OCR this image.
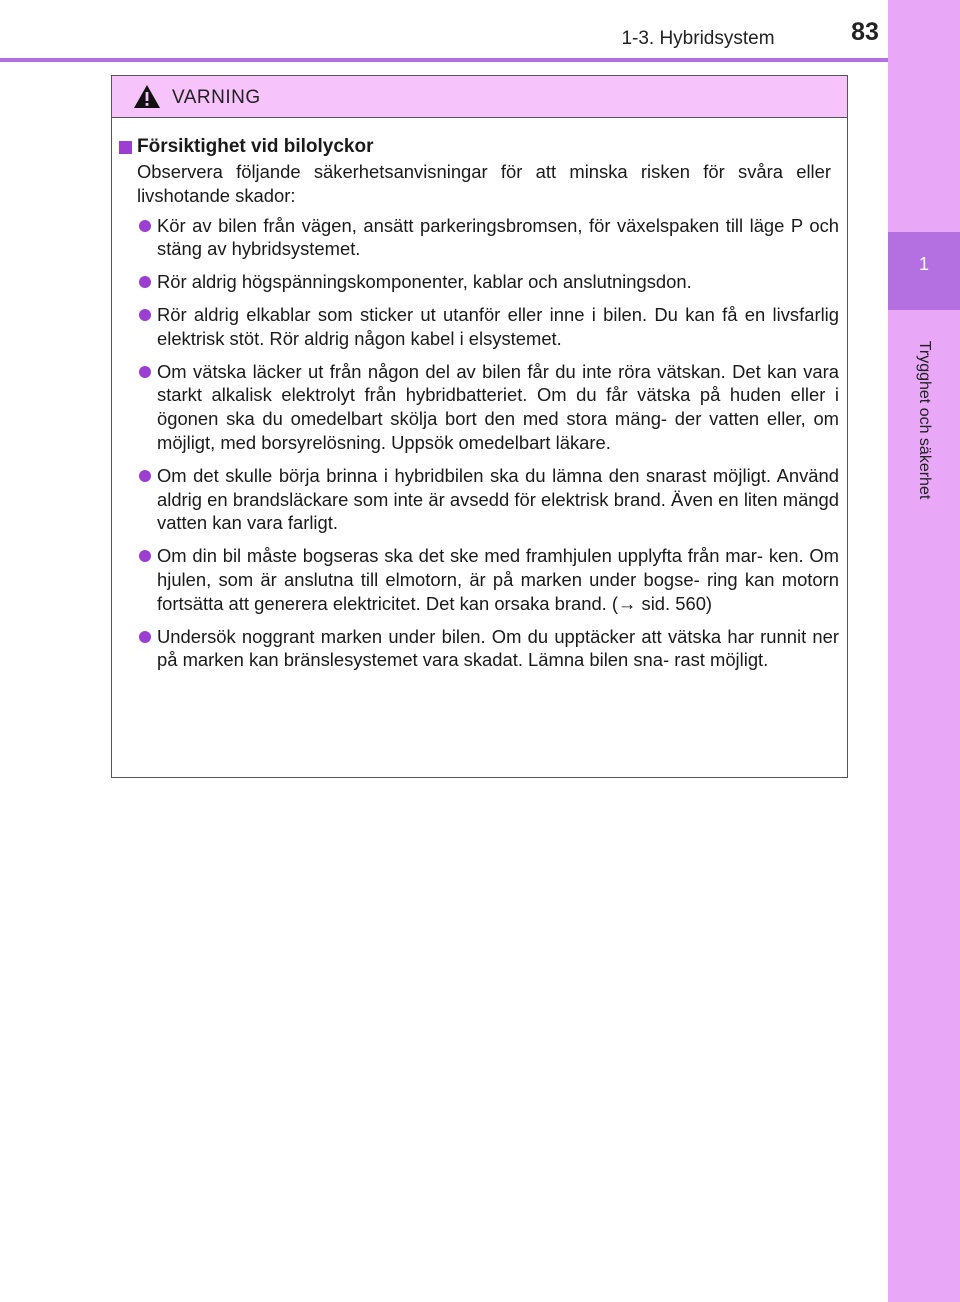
1-3. Hybridsystem	83
1
Trygghet och säkerhet
VARNING
Försiktighet vid bilolyckor
Observera följande säkerhetsanvisningar för att minska risken för svåra eller livshotande skador:
Kör av bilen från vägen, ansätt parkeringsbromsen, för växelspaken till läge P och stäng av hybridsystemet.
Rör aldrig högspänningskomponenter, kablar och anslutningsdon.
Rör aldrig elkablar som sticker ut utanför eller inne i bilen. Du kan få en livsfarlig elektrisk stöt. Rör aldrig någon kabel i elsystemet.
Om vätska läcker ut från någon del av bilen får du inte röra vätskan. Det kan vara starkt alkalisk elektrolyt från hybridbatteriet. Om du får vätska på huden eller i ögonen ska du omedelbart skölja bort den med stora mäng- der vatten eller, om möjligt, med borsyrelösning. Uppsök omedelbart läkare.
Om det skulle börja brinna i hybridbilen ska du lämna den snarast möjligt. Använd aldrig en brandsläckare som inte är avsedd för elektrisk brand. Även en liten mängd vatten kan vara farligt.
Om din bil måste bogseras ska det ske med framhjulen upplyfta från mar- ken. Om hjulen, som är anslutna till elmotorn, är på marken under bogse- ring kan motorn fortsätta att generera elektricitet. Det kan orsaka brand. (→ sid. 560)
Undersök noggrant marken under bilen. Om du upptäcker att vätska har runnit ner på marken kan bränslesystemet vara skadat. Lämna bilen sna- rast möjligt.
